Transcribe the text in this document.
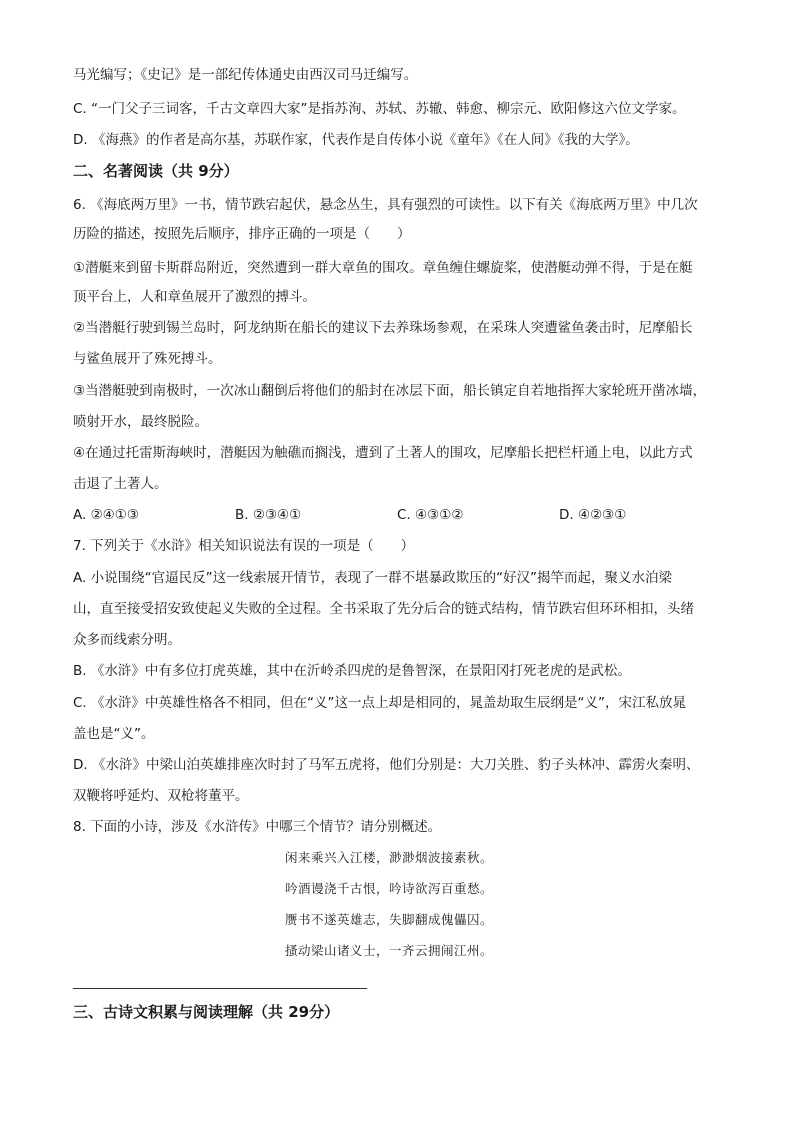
马光编写；《史记》是一部纪传体通史由西汉司马迁编写。
C. “一门父子三词客，千古文章四大家”是指苏洵、苏轼、苏辙、韩愈、柳宗元、欧阳修这六位文学家。
D. 《海燕》的作者是高尔基，苏联作家，代表作是自传体小说《童年》《在人间》《我的大学》。
二、名著阅读（共 9分）
6. 《海底两万里》一书，情节跌宕起伏，悬念丛生，具有强烈的可读性。以下有关《海底两万里》中几次
历险的描述，按照先后顺序，排序正确的一项是（　　）
①潜艇来到留卡斯群岛附近，突然遭到一群大章鱼的围攻。章鱼缠住螺旋桨，使潜艇动弹不得，于是在艇
顶平台上，人和章鱼展开了激烈的搏斗。
②当潜艇行驶到锡兰岛时，阿龙纳斯在船长的建议下去养珠场参观，在采珠人突遭鲨鱼袭击时，尼摩船长
与鲨鱼展开了殊死搏斗。
③当潜艇驶到南极时，一次冰山翻倒后将他们的船封在冰层下面，船长镇定自若地指挥大家轮班开凿冰墙，
喷射开水，最终脱险。
④在通过托雷斯海峡时，潜艇因为触礁而搁浅，遭到了土著人的围攻，尼摩船长把栏杆通上电，以此方式
击退了土著人。
A. ②④①③	B. ②③④①	C. ④③①②	D. ④②③①
7. 下列关于《水浒》相关知识说法有误的一项是（　　）
A. 小说围绕“官逼民反”这一线索展开情节，表现了一群不堪暴政欺压的“好汉”揭竿而起，聚义水泊梁
山，直至接受招安致使起义失败的全过程。全书采取了先分后合的链式结构，情节跌宕但环环相扣，头绪
众多而线索分明。
B. 《水浒》中有多位打虎英雄，其中在沂岭杀四虎的是鲁智深，在景阳冈打死老虎的是武松。
C. 《水浒》中英雄性格各不相同，但在“义”这一点上却是相同的，晁盖劫取生辰纲是“义”，宋江私放晁
盖也是“义”。
D. 《水浒》中梁山泊英雄排座次时封了马军五虎将，他们分别是：大刀关胜、豹子头林冲、霹雳火秦明、
双鞭将呼延灼、双枪将董平。
8. 下面的小诗，涉及《水浒传》中哪三个情节？请分别概述。
闲来乘兴入江楼，渺渺烟波接素秋。
吟酒谩浇千古恨，吟诗欲泻百重愁。
赝书不遂英雄志，失脚翻成傀儡囚。
搔动梁山诸义士，一齐云拥闹江州。
三、古诗文积累与阅读理解（共 29分）
